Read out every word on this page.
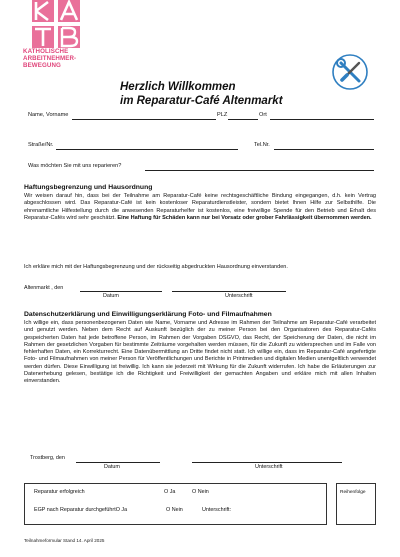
KATHOLISCHE
ARBEITNEHMER-
BEWEGUNG
Herzlich Willkommen
im Reparatur-Café Altenmarkt
Name, Vorname	PLZ	Ort
Straße/Nr.	Tel.Nr.
Was möchten Sie mit uns reparieren?
Haftungsbegrenzung und Hausordnung
Wir weisen darauf hin, dass bei der Teilnahme am Reparatur-Café keine rechtsgeschäftliche Bindung eingegangen, d.h. kein Vertrag abgeschlossen wird. Das Reparatur-Café ist kein kostenloser Reparaturdienstleister, sondern bietet Ihnen Hilfe zur Selbsthilfe. Die ehrenamtliche Hilfestellung durch die anwesenden Reparaturhelfer ist kostenlos, eine freiwillige Spende für den Betrieb und Erhalt des Reparatur-Cafés wird sehr geschätzt. Eine Haftung für Schäden kann nur bei Vorsatz oder grober Fahrlässigkeit übernommen werden.
Ich erkläre mich mit der Haftungsbegrenzung und der rückseitig abgedruckten Hausordnung einverstanden.
Altenmarkt , den
Datum	Unterschrift
Datenschutzerklärung und Einwilligungserklärung Foto- und Filmaufnahmen
Ich willige ein, dass personenbezogenen Daten wie Name, Vorname und Adresse im Rahmen der Teilnahme am Reparatur-Café verarbeitet und genutzt werden. Neben dem Recht auf Auskunft bezüglich der zu meiner Person bei den Organisatoren des Reparatur-Cafés gespeicherten Daten hat jede betroffene Person, im Rahmen der Vorgaben DSGVO, das Recht, der Speicherung der Daten, die nicht im Rahmen der gesetzlichen Vorgaben für bestimmte Zeiträume vorgehalten werden müssen, für die Zukunft zu widersprechen und im Falle von fehlerhaften Daten, ein Korrekturrecht. Eine Datenübermittlung an Dritte findet nicht statt. Ich willige ein, dass im Reparatur-Café angefertigte Foto- und Filmaufnahmen von meiner Person für Veröffentlichungen und Berichte in Printmedien und digitalen Medien unentgeltlich verwendet werden dürfen. Diese Einwilligung ist freiwillig. Ich kann sie jederzeit mit Wirkung für die Zukunft widerrufen. Ich habe die Erläuterungen zur Datenerhebung gelesen, bestätige ich die Richtigkeit und Freiwilligkeit der gemachten Angaben und erkläre mich mit allen Inhalten einverstanden.
Trostberg, den
Datum	Unterschrift
Reparatur erfolgreich	O Ja	O Nein
EGP nach Reparatur durchgeführtO Ja	O Nein	Unterschrift:
Reihenfolge
Teilnahmeformular Stand 14. April 2025
